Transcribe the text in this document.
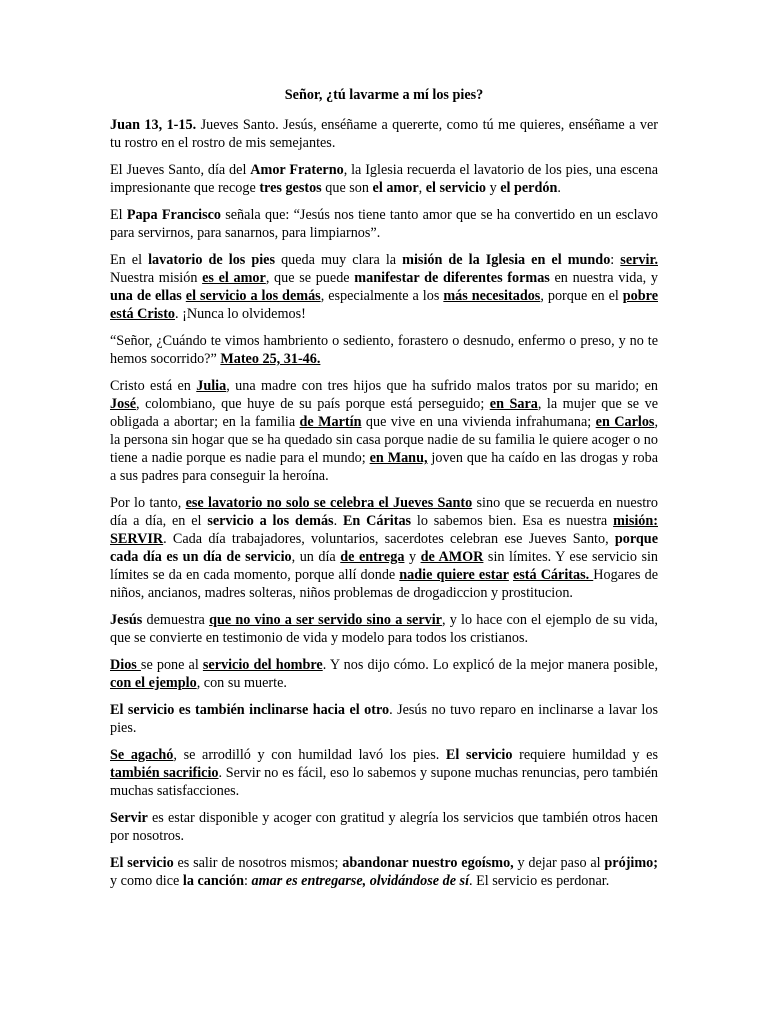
Señor, ¿tú lavarme a mí los pies?

Juan 13, 1-15. Jueves Santo. Jesús, enséñame a quererte, como tú me quieres, enséñame a ver tu rostro en el rostro de mis semejantes.

El Jueves Santo, día del Amor Fraterno, la Iglesia recuerda el lavatorio de los pies, una escena impresionante que recoge tres gestos que son el amor, el servicio y el perdón.

El Papa Francisco señala que: “Jesús nos tiene tanto amor que se ha convertido en un esclavo para servirnos, para sanarnos, para limpiarnos”.

En el lavatorio de los pies queda muy clara la misión de la Iglesia en el mundo: servir. Nuestra misión es el amor, que se puede manifestar de diferentes formas en nuestra vida, y una de ellas el servicio a los demás, especialmente a los más necesitados, porque en el pobre está Cristo. ¡Nunca lo olvidemos!

“Señor, ¿Cuándo te vimos hambriento o sediento, forastero o desnudo, enfermo o preso, y no te hemos socorrido?” Mateo 25, 31-46.

Cristo está en Julia, una madre con tres hijos que ha sufrido malos tratos por su marido; en José, colombiano, que huye de su país porque está perseguido; en Sara, la mujer que se ve obligada a abortar; en la familia de Martín que vive en una vivienda infrahumana; en Carlos, la persona sin hogar que se ha quedado sin casa porque nadie de su familia le quiere acoger o no tiene a nadie porque es nadie para el mundo; en Manu, joven que ha caído en las drogas y roba a sus padres para conseguir la heroína.

Por lo tanto, ese lavatorio no solo se celebra el Jueves Santo sino que se recuerda en nuestro día a día, en el servicio a los demás. En Cáritas lo sabemos bien. Esa es nuestra misión: SERVIR. Cada día trabajadores, voluntarios, sacerdotes celebran ese Jueves Santo, porque cada día es un día de servicio, un día de entrega y de AMOR sin límites. Y ese servicio sin límites se da en cada momento, porque allí donde nadie quiere estar está Cáritas. Hogares de niños, ancianos, madres solteras, niños problemas de drogadiccion y prostitucion.

Jesús demuestra que no vino a ser servido sino a servir, y lo hace con el ejemplo de su vida, que se convierte en testimonio de vida y modelo para todos los cristianos.

Dios se pone al servicio del hombre. Y nos dijo cómo. Lo explicó de la mejor manera posible, con el ejemplo, con su muerte.

El servicio es también inclinarse hacia el otro. Jesús no tuvo reparo en inclinarse a lavar los pies.

Se agachó, se arrodilló y con humildad lavó los pies. El servicio requiere humildad y es también sacrificio. Servir no es fácil, eso lo sabemos y supone muchas renuncias, pero también muchas satisfacciones.

Servir es estar disponible y acoger con gratitud y alegría los servicios que también otros hacen por nosotros.

El servicio es salir de nosotros mismos; abandonar nuestro egoísmo, y dejar paso al prójimo; y como dice la canción: amar es entregarse, olvidándose de sí. El servicio es perdonar.
